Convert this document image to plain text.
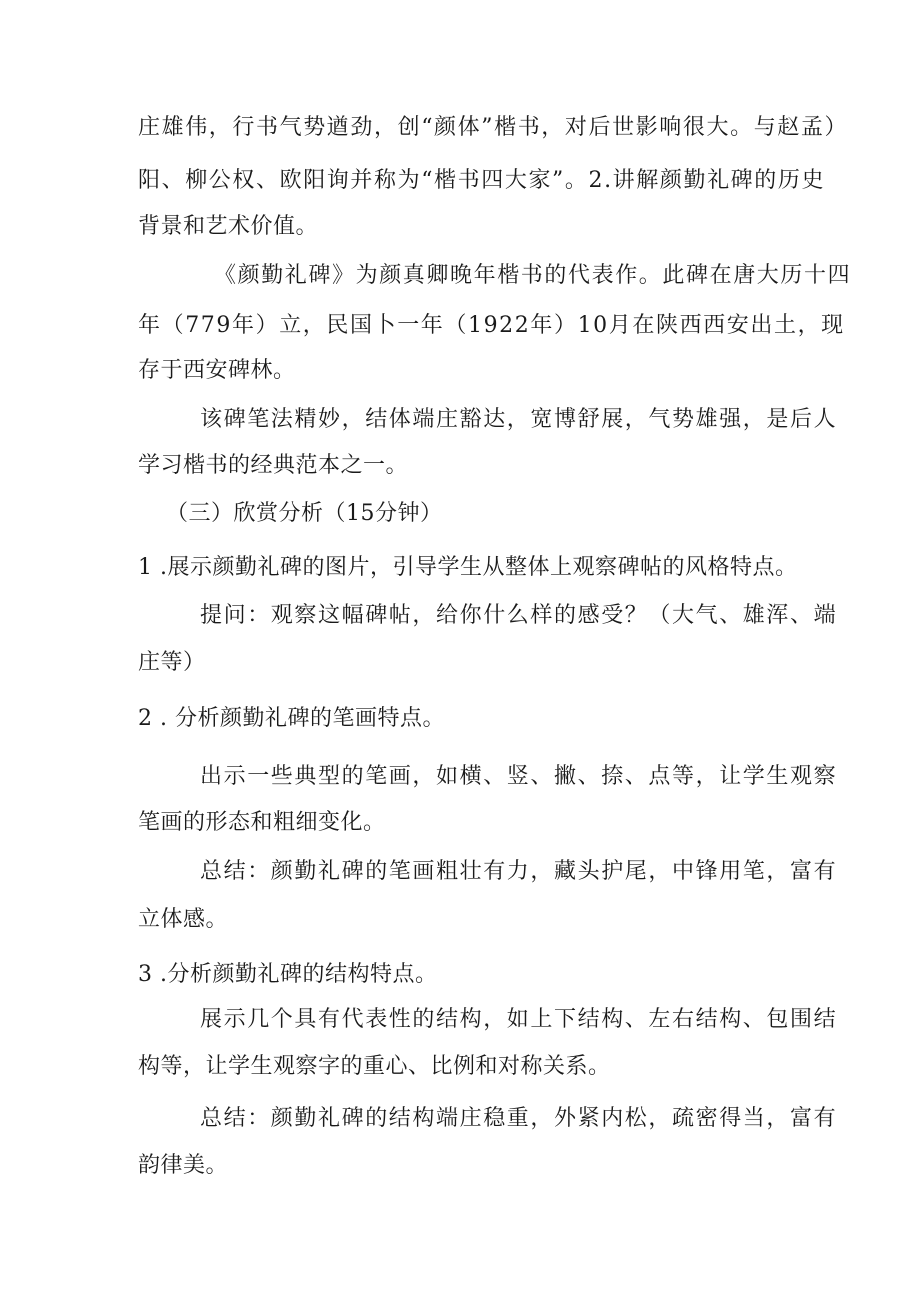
庄雄伟，行书气势遒劲，创“颜体”楷书，对后世影响很大。与赵孟）
阳、柳公权、欧阳询并称为“楷书四大家”。2.讲解颜勤礼碑的历史
背景和艺术价值。
《颜勤礼碑》为颜真卿晚年楷书的代表作。此碑在唐大历十四
年（779年）立，民国卜一年（1922年）10月在陕西西安出土，现
存于西安碑林。
该碑笔法精妙，结体端庄豁达，宽博舒展，气势雄强，是后人
学习楷书的经典范本之一。
（三）欣赏分析（15分钟）
1 .展示颜勤礼碑的图片，引导学生从整体上观察碑帖的风格特点。
提问：观察这幅碑帖，给你什么样的感受？（大气、雄浑、端
庄等）
2 . 分析颜勤礼碑的笔画特点。
出示一些典型的笔画，如横、竖、撇、捺、点等，让学生观察
笔画的形态和粗细变化。
总结：颜勤礼碑的笔画粗壮有力，藏头护尾，中锋用笔，富有
立体感。
3 .分析颜勤礼碑的结构特点。
展示几个具有代表性的结构，如上下结构、左右结构、包围结
构等，让学生观察字的重心、比例和对称关系。
总结：颜勤礼碑的结构端庄稳重，外紧内松，疏密得当，富有
韵律美。
